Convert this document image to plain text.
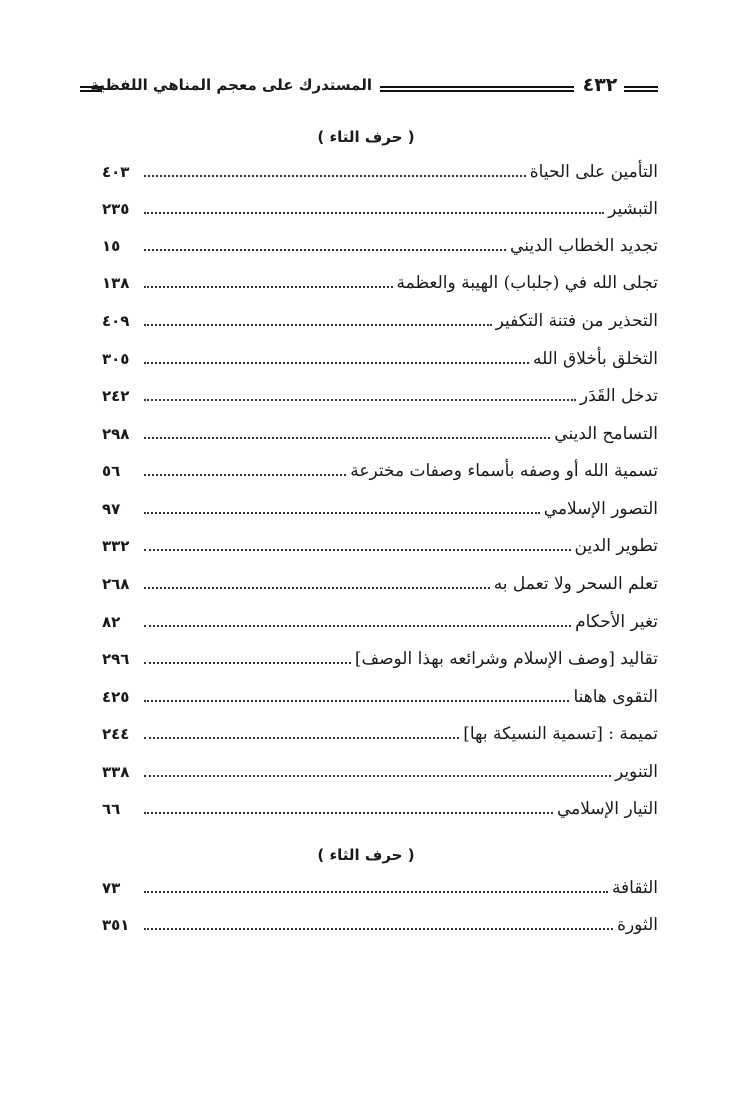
المستدرك على معجم المناهي اللفظية	٤٣٢
( حرف التاء )
التأمين على الحياة
٤٠٣
التبشير
٢٣٥
تجديد الخطاب الديني
١٥
تجلى الله في (جلباب) الهيبة والعظمة
١٣٨
التحذير من فتنة التكفير
٤٠٩
التخلق بأخلاق الله
٣٠٥
تدخل القَدَر
٢٤٢
التسامح الديني
٢٩٨
تسمية الله أو وصفه بأسماء وصفات مخترعة
٥٦
التصور الإسلامي
٩٧
تطوير الدين
٣٣٢
تعلم السحر ولا تعمل به
٢٦٨
تغير الأحكام
٨٢
تقاليد [وصف الإسلام وشرائعه بهذا الوصف]
٢٩٦
التقوى هاهنا
٤٢٥
تميمة : [تسمية النسيكة بها]
٢٤٤
التنوير
٣٣٨
التيار الإسلامي
٦٦
( حرف الثاء )
الثقافة
٧٣
الثورة
٣٥١
